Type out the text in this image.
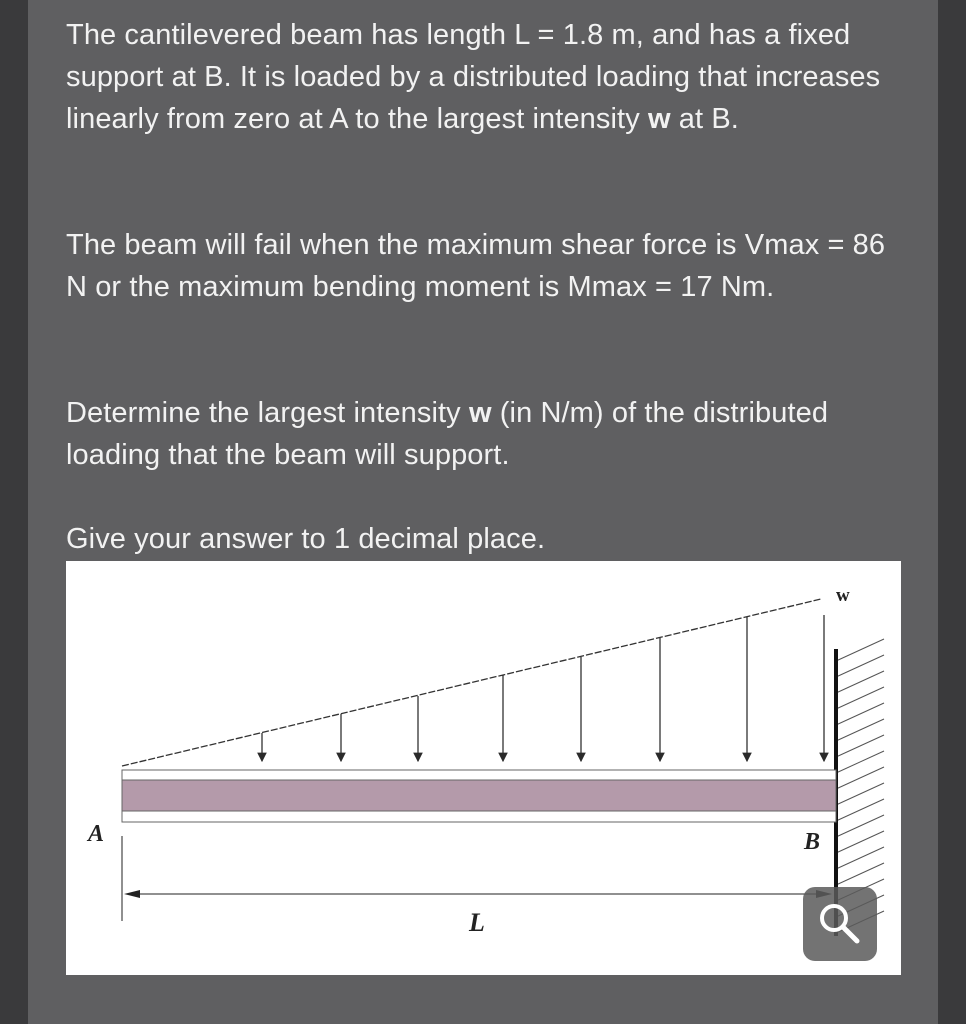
The cantilevered beam has length L = 1.8 m, and has a fixed support at B. It is loaded by a distributed loading that increases linearly from zero at A to the largest intensity w at B.

The beam will fail when the maximum shear force is Vmax = 86 N or the maximum bending moment is Mmax = 17 Nm.

Determine the largest intensity w (in N/m) of the distributed loading that the beam will support.

Give your answer to 1 decimal place.

A	B
L
w
